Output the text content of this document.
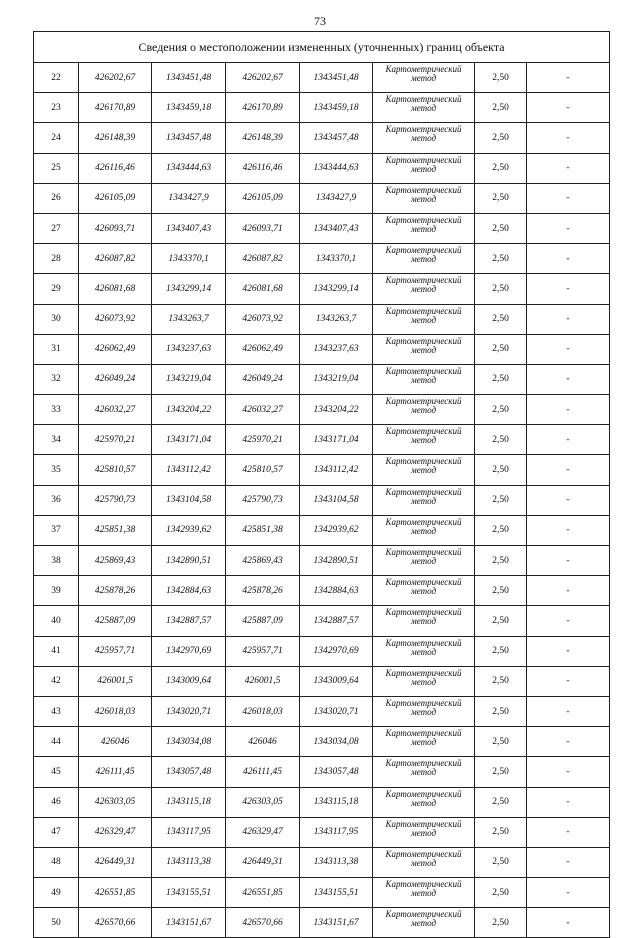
73
Сведения о местоположении измененных (уточненных) границ объекта							
22	426202,67	1343451,48	426202,67	1343451,48	Картометрический метод	2,50	-
23	426170,89	1343459,18	426170,89	1343459,18	Картометрический метод	2,50	-
24	426148,39	1343457,48	426148,39	1343457,48	Картометрический метод	2,50	-
25	426116,46	1343444,63	426116,46	1343444,63	Картометрический метод	2,50	-
26	426105,09	1343427,9	426105,09	1343427,9	Картометрический метод	2,50	-
27	426093,71	1343407,43	426093,71	1343407,43	Картометрический метод	2,50	-
28	426087,82	1343370,1	426087,82	1343370,1	Картометрический метод	2,50	-
29	426081,68	1343299,14	426081,68	1343299,14	Картометрический метод	2,50	-
30	426073,92	1343263,7	426073,92	1343263,7	Картометрический метод	2,50	-
31	426062,49	1343237,63	426062,49	1343237,63	Картометрический метод	2,50	-
32	426049,24	1343219,04	426049,24	1343219,04	Картометрический метод	2,50	-
33	426032,27	1343204,22	426032,27	1343204,22	Картометрический метод	2,50	-
34	425970,21	1343171,04	425970,21	1343171,04	Картометрический метод	2,50	-
35	425810,57	1343112,42	425810,57	1343112,42	Картометрический метод	2,50	-
36	425790,73	1343104,58	425790,73	1343104,58	Картометрический метод	2,50	-
37	425851,38	1342939,62	425851,38	1342939,62	Картометрический метод	2,50	-
38	425869,43	1342890,51	425869,43	1342890,51	Картометрический метод	2,50	-
39	425878,26	1342884,63	425878,26	1342884,63	Картометрический метод	2,50	-
40	425887,09	1342887,57	425887,09	1342887,57	Картометрический метод	2,50	-
41	425957,71	1342970,69	425957,71	1342970,69	Картометрический метод	2,50	-
42	426001,5	1343009,64	426001,5	1343009,64	Картометрический метод	2,50	-
43	426018,03	1343020,71	426018,03	1343020,71	Картометрический метод	2,50	-
44	426046	1343034,08	426046	1343034,08	Картометрический метод	2,50	-
45	426111,45	1343057,48	426111,45	1343057,48	Картометрический метод	2,50	-
46	426303,05	1343115,18	426303,05	1343115,18	Картометрический метод	2,50	-
47	426329,47	1343117,95	426329,47	1343117,95	Картометрический метод	2,50	-
48	426449,31	1343113,38	426449,31	1343113,38	Картометрический метод	2,50	-
49	426551,85	1343155,51	426551,85	1343155,51	Картометрический метод	2,50	-
50	426570,66	1343151,67	426570,66	1343151,67	Картометрический метод	2,50	-
